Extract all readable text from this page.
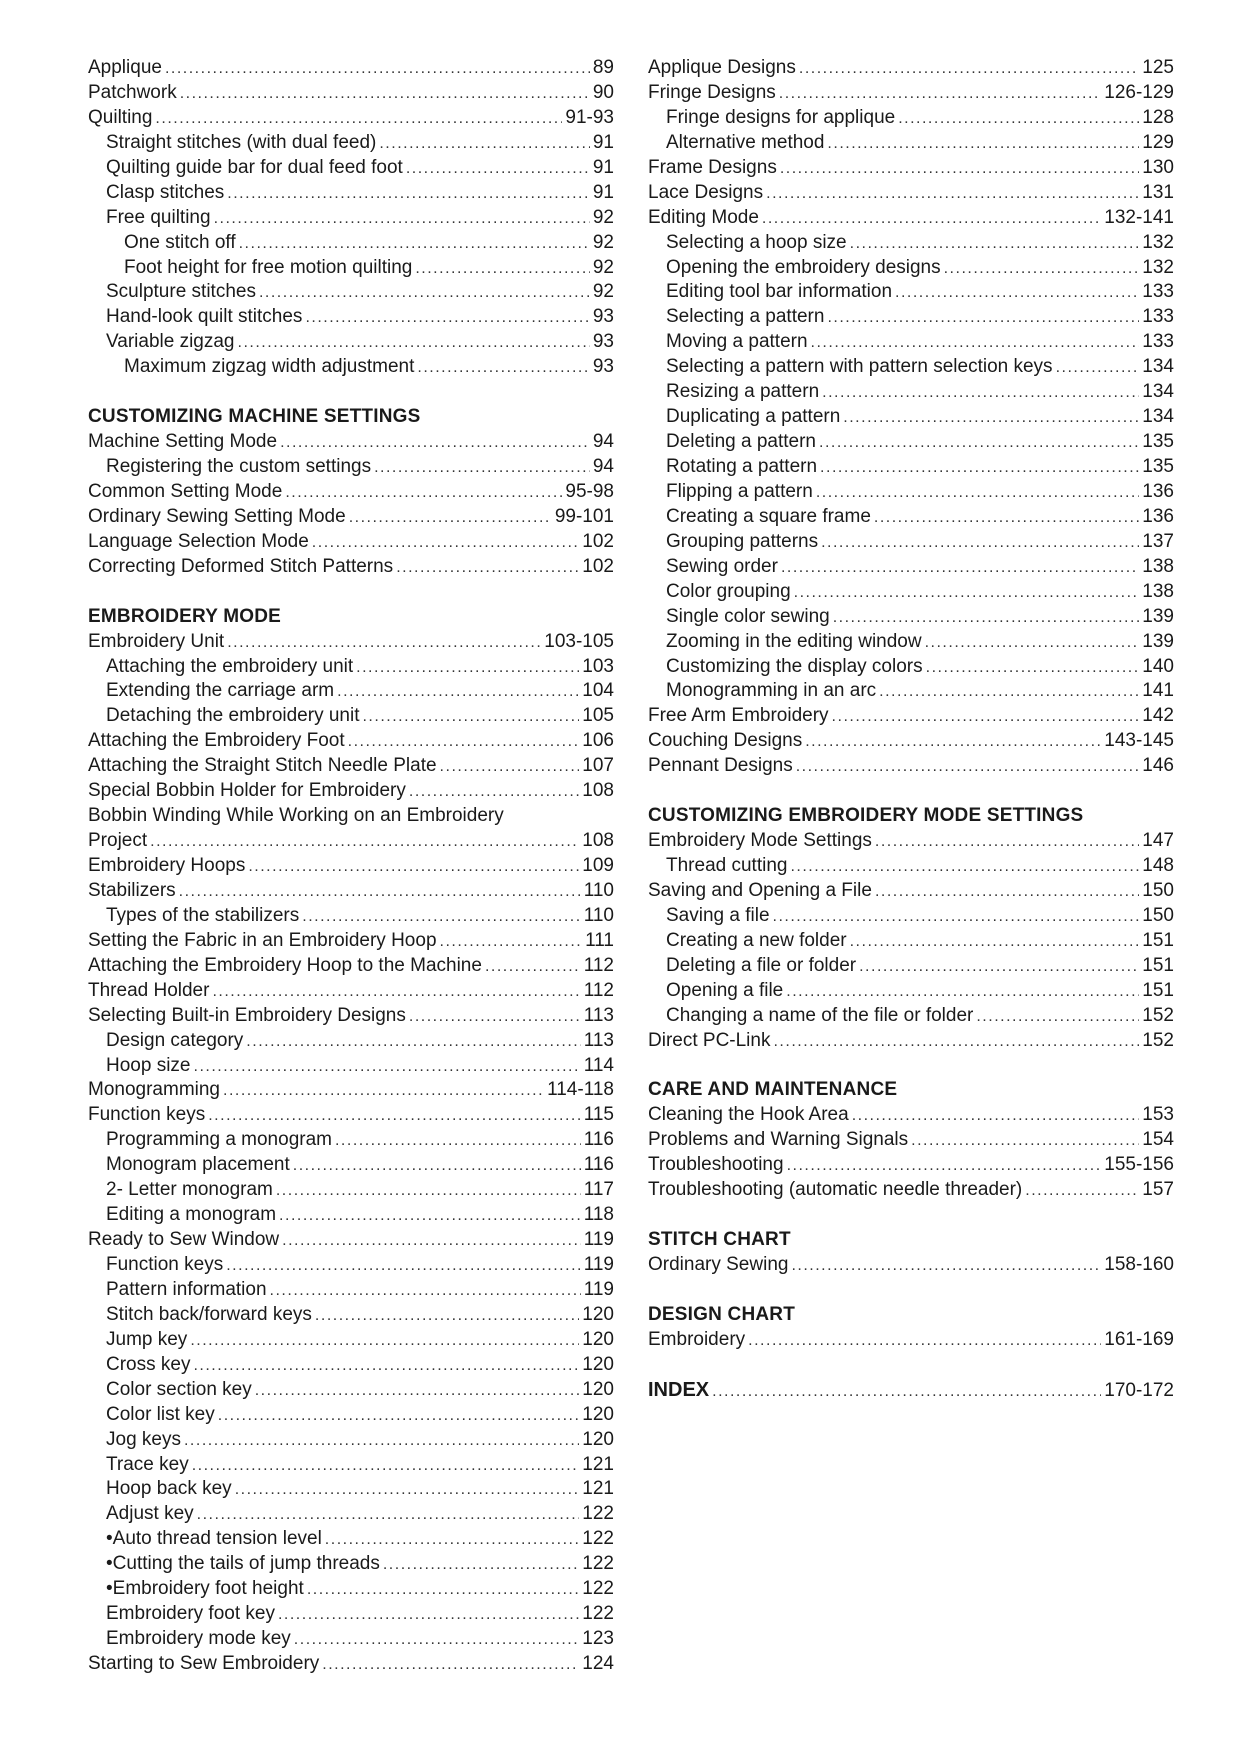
Applique .....	89
Patchwork .....	90
Quilting .....	91-93
Straight stitches (with dual feed) .....	91
Quilting guide bar for dual feed foot .....	91
Clasp stitches .....	91
Free quilting .....	92
One stitch off .....	92
Foot height for free motion quilting .....	92
Sculpture stitches .....	92
Hand-look quilt stitches .....	93
Variable zigzag .....	93
Maximum zigzag width adjustment .....	93
CUSTOMIZING MACHINE SETTINGS
Machine Setting Mode .....	94
Registering the custom settings .....	94
Common Setting Mode .....	95-98
Ordinary Sewing Setting Mode .....	99-101
Language Selection Mode .....	102
Correcting Deformed Stitch Patterns .....	102
EMBROIDERY MODE
Embroidery Unit .....	103-105
Attaching the embroidery unit .....	103
Extending the carriage arm .....	104
Detaching the embroidery unit .....	105
Attaching the Embroidery Foot .....	106
Attaching the Straight Stitch Needle Plate .....	107
Special Bobbin Holder for Embroidery .....	108
Bobbin Winding While Working on an Embroidery
Project .....	108
Embroidery Hoops .....	109
Stabilizers .....	110
Types of the stabilizers .....	110
Setting the Fabric in an Embroidery Hoop .....	111
Attaching the Embroidery Hoop to the Machine .....	112
Thread Holder .....	112
Selecting Built-in Embroidery Designs .....	113
Design category .....	113
Hoop size .....	114
Monogramming .....	114-118
Function keys .....	115
Programming a monogram .....	116
Monogram placement .....	116
2- Letter monogram .....	117
Editing a monogram .....	118
Ready to Sew Window .....	119
Function keys .....	119
Pattern information .....	119
Stitch back/forward keys .....	120
Jump key .....	120
Cross key .....	120
Color section key .....	120
Color list key .....	120
Jog keys .....	120
Trace key .....	121
Hoop back key .....	121
Adjust key .....	122
• Auto thread tension level .....	122
• Cutting the tails of jump threads .....	122
• Embroidery foot height .....	122
Embroidery foot key .....	122
Embroidery mode key .....	123
Starting to Sew Embroidery .....	124
Applique Designs .....	125
Fringe Designs .....	126-129
Fringe designs for applique .....	128
Alternative method .....	129
Frame Designs .....	130
Lace Designs .....	131
Editing Mode .....	132-141
Selecting a hoop size .....	132
Opening the embroidery designs .....	132
Editing tool bar information .....	133
Selecting a pattern .....	133
Moving a pattern .....	133
Selecting a pattern with pattern selection keys .....	134
Resizing a pattern .....	134
Duplicating a pattern .....	134
Deleting a pattern .....	135
Rotating a pattern .....	135
Flipping a pattern .....	136
Creating a square frame .....	136
Grouping patterns .....	137
Sewing order .....	138
Color grouping .....	138
Single color sewing .....	139
Zooming in the editing window .....	139
Customizing the display colors .....	140
Monogramming in an arc .....	141
Free Arm Embroidery .....	142
Couching Designs .....	143-145
Pennant Designs .....	146
CUSTOMIZING EMBROIDERY MODE SETTINGS
Embroidery Mode Settings .....	147
Thread cutting .....	148
Saving and Opening a File .....	150
Saving a file .....	150
Creating a new folder .....	151
Deleting a file or folder .....	151
Opening a file .....	151
Changing a name of the file or folder .....	152
Direct PC-Link .....	152
CARE AND MAINTENANCE
Cleaning the Hook Area .....	153
Problems and Warning Signals .....	154
Troubleshooting .....	155-156
Troubleshooting (automatic needle threader) .....	157
STITCH CHART
Ordinary Sewing .....	158-160
DESIGN CHART
Embroidery .....	161-169
INDEX .....	170-172
